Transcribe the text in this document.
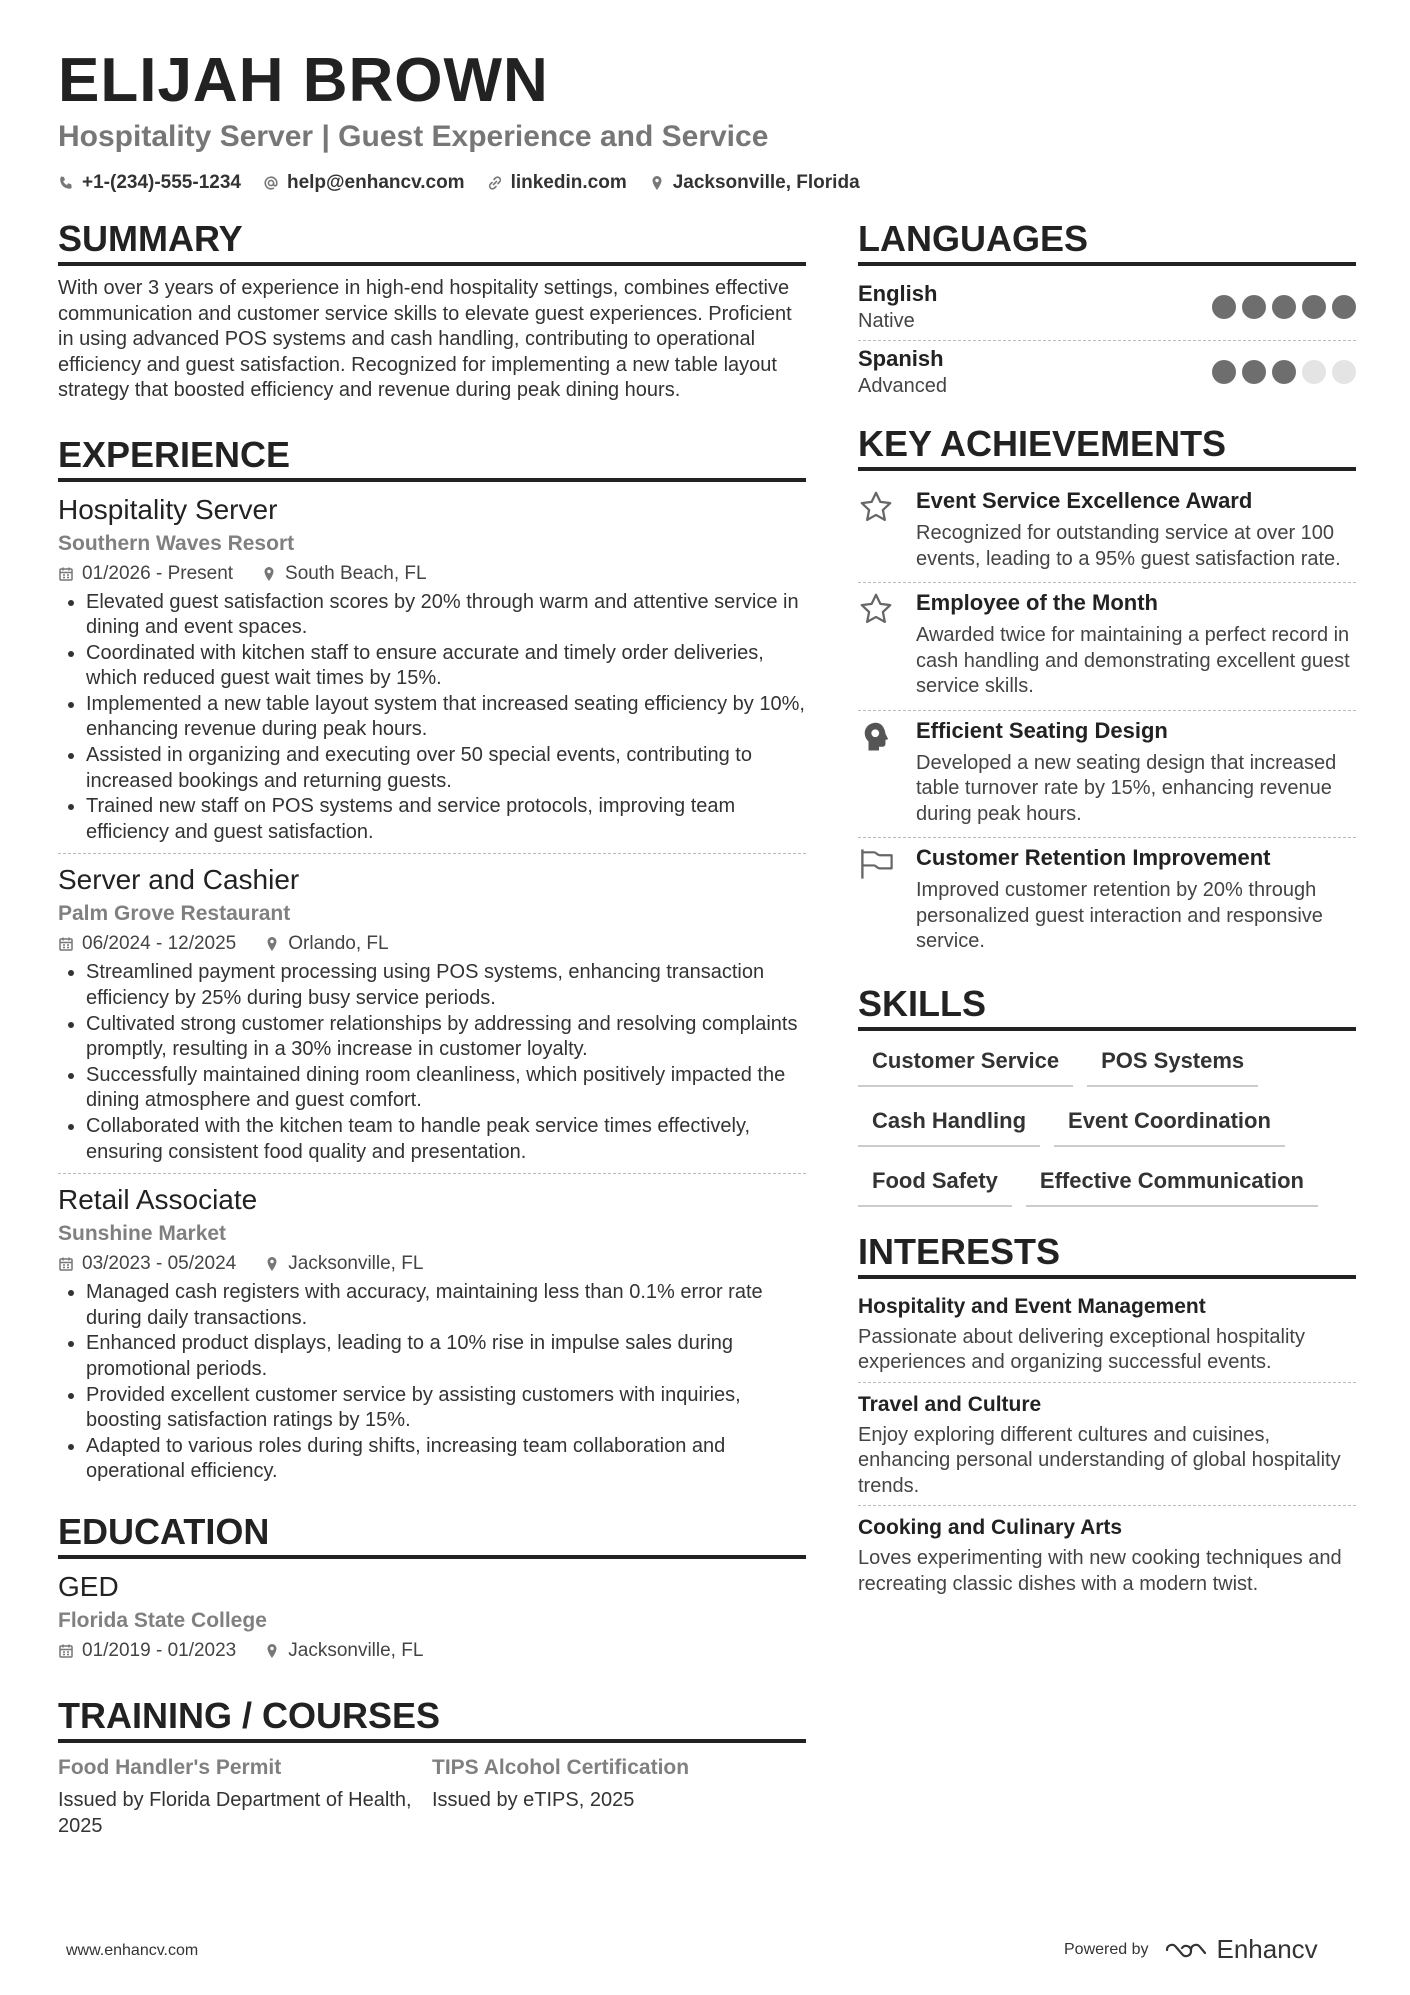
ELIJAH BROWN
Hospitality Server | Guest Experience and Service
+1-(234)-555-1234 help@enhancv.com linkedin.com Jacksonville, Florida
SUMMARY
With over 3 years of experience in high-end hospitality settings, combines effective communication and customer service skills to elevate guest experiences. Proficient in using advanced POS systems and cash handling, contributing to operational efficiency and guest satisfaction. Recognized for implementing a new table layout strategy that boosted efficiency and revenue during peak dining hours.
EXPERIENCE
Hospitality Server
Southern Waves Resort
01/2026 - Present	South Beach, FL
• Elevated guest satisfaction scores by 20% through warm and attentive service in dining and event spaces.
• Coordinated with kitchen staff to ensure accurate and timely order deliveries, which reduced guest wait times by 15%.
• Implemented a new table layout system that increased seating efficiency by 10%, enhancing revenue during peak hours.
• Assisted in organizing and executing over 50 special events, contributing to increased bookings and returning guests.
• Trained new staff on POS systems and service protocols, improving team efficiency and guest satisfaction.
Server and Cashier
Palm Grove Restaurant
06/2024 - 12/2025	Orlando, FL
• Streamlined payment processing using POS systems, enhancing transaction efficiency by 25% during busy service periods.
• Cultivated strong customer relationships by addressing and resolving complaints promptly, resulting in a 30% increase in customer loyalty.
• Successfully maintained dining room cleanliness, which positively impacted the dining atmosphere and guest comfort.
• Collaborated with the kitchen team to handle peak service times effectively, ensuring consistent food quality and presentation.
Retail Associate
Sunshine Market
03/2023 - 05/2024	Jacksonville, FL
• Managed cash registers with accuracy, maintaining less than 0.1% error rate during daily transactions.
• Enhanced product displays, leading to a 10% rise in impulse sales during promotional periods.
• Provided excellent customer service by assisting customers with inquiries, boosting satisfaction ratings by 15%.
• Adapted to various roles during shifts, increasing team collaboration and operational efficiency.
EDUCATION
GED
Florida State College
01/2019 - 01/2023	Jacksonville, FL
TRAINING / COURSES
Food Handler's Permit
Issued by Florida Department of Health, 2025
TIPS Alcohol Certification
Issued by eTIPS, 2025
LANGUAGES
English
Native
Spanish
Advanced
KEY ACHIEVEMENTS
Event Service Excellence Award
Recognized for outstanding service at over 100 events, leading to a 95% guest satisfaction rate.
Employee of the Month
Awarded twice for maintaining a perfect record in cash handling and demonstrating excellent guest service skills.
Efficient Seating Design
Developed a new seating design that increased table turnover rate by 15%, enhancing revenue during peak hours.
Customer Retention Improvement
Improved customer retention by 20% through personalized guest interaction and responsive service.
SKILLS
Customer Service	POS Systems
Cash Handling	Event Coordination
Food Safety	Effective Communication
INTERESTS
Hospitality and Event Management
Passionate about delivering exceptional hospitality experiences and organizing successful events.
Travel and Culture
Enjoy exploring different cultures and cuisines, enhancing personal understanding of global hospitality trends.
Cooking and Culinary Arts
Loves experimenting with new cooking techniques and recreating classic dishes with a modern twist.
www.enhancv.com	Powered by	Enhancv
